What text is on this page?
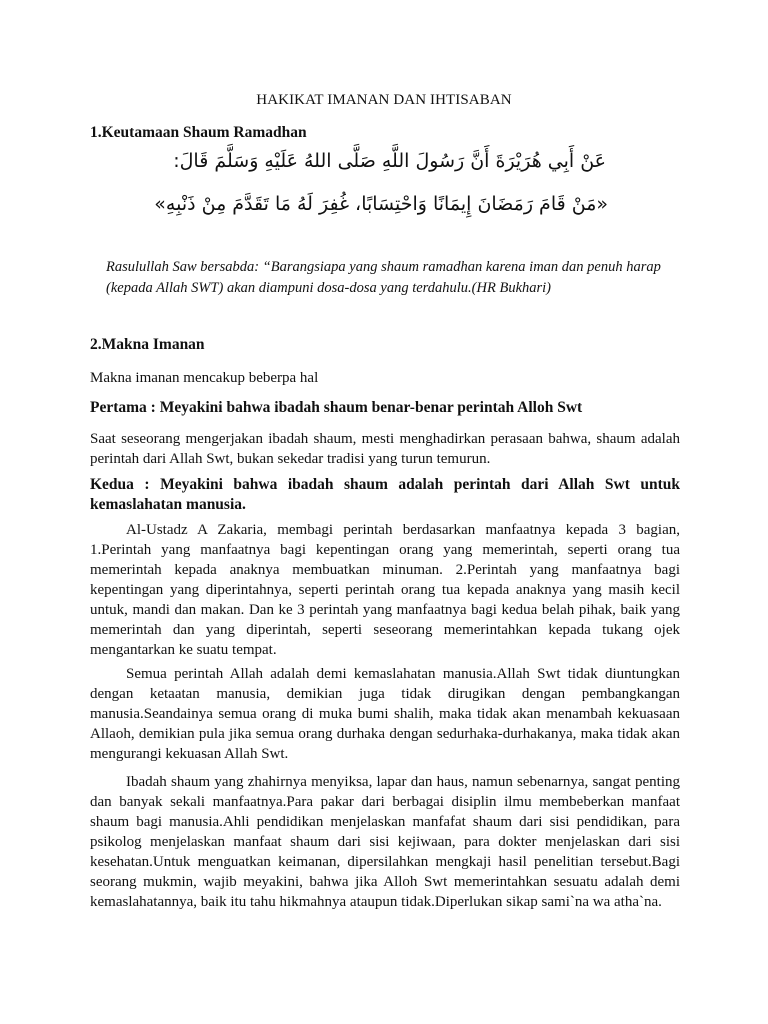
HAKIKAT IMANAN DAN IHTISABAN
1.Keutamaan Shaum Ramadhan
عَنْ أَبِي هُرَيْرَةَ أَنَّ رَسُولَ اللَّهِ صَلَّى اللهُ عَلَيْهِ وَسَلَّمَ قَالَ:
«مَنْ قَامَ رَمَضَانَ إِيمَانًا وَاحْتِسَابًا، غُفِرَ لَهُ مَا تَقَدَّمَ مِنْ ذَنْبِهِ»
Rasulullah Saw bersabda: “Barangsiapa yang shaum ramadhan karena iman dan penuh harap (kepada Allah SWT) akan diampuni dosa-dosa yang terdahulu.(HR Bukhari)
2.Makna Imanan
Makna imanan mencakup beberpa hal
Pertama : Meyakini bahwa ibadah shaum benar-benar perintah Alloh Swt
Saat seseorang mengerjakan ibadah shaum, mesti menghadirkan perasaan bahwa, shaum adalah perintah dari Allah Swt, bukan sekedar tradisi yang turun temurun.
Kedua : Meyakini bahwa ibadah shaum adalah perintah dari Allah Swt untuk kemaslahatan manusia.
Al-Ustadz A Zakaria, membagi perintah berdasarkan manfaatnya kepada 3 bagian, 1.Perintah yang manfaatnya bagi kepentingan orang yang memerintah, seperti orang tua memerintah kepada anaknya membuatkan minuman. 2.Perintah yang manfaatnya bagi kepentingan yang diperintahnya, seperti perintah orang tua kepada anaknya yang masih kecil untuk, mandi dan makan. Dan ke 3 perintah yang manfaatnya bagi kedua belah pihak, baik yang memerintah dan yang diperintah, seperti seseorang memerintahkan kepada tukang ojek mengantarkan ke suatu tempat.
Semua perintah Allah adalah demi kemaslahatan manusia.Allah Swt tidak diuntungkan dengan ketaatan manusia, demikian juga tidak dirugikan dengan pembangkangan manusia.Seandainya semua orang di muka bumi shalih, maka tidak akan menambah kekuasaan Allaoh, demikian pula jika semua orang durhaka dengan sedurhaka-durhakanya, maka tidak akan mengurangi kekuasan Allah Swt.
Ibadah shaum yang zhahirnya menyiksa, lapar dan haus, namun sebenarnya, sangat penting dan banyak sekali manfaatnya.Para pakar dari berbagai disiplin ilmu membeberkan manfaat shaum bagi manusia.Ahli pendidikan menjelaskan manfafat shaum dari sisi pendidikan, para psikolog menjelaskan manfaat shaum dari sisi kejiwaan, para dokter menjelaskan dari sisi kesehatan.Untuk menguatkan keimanan, dipersilahkan mengkaji hasil penelitian tersebut.Bagi seorang mukmin, wajib meyakini, bahwa jika Alloh Swt memerintahkan sesuatu adalah demi kemaslahatannya, baik itu tahu hikmahnya ataupun tidak.Diperlukan sikap sami`na wa atha`na.
